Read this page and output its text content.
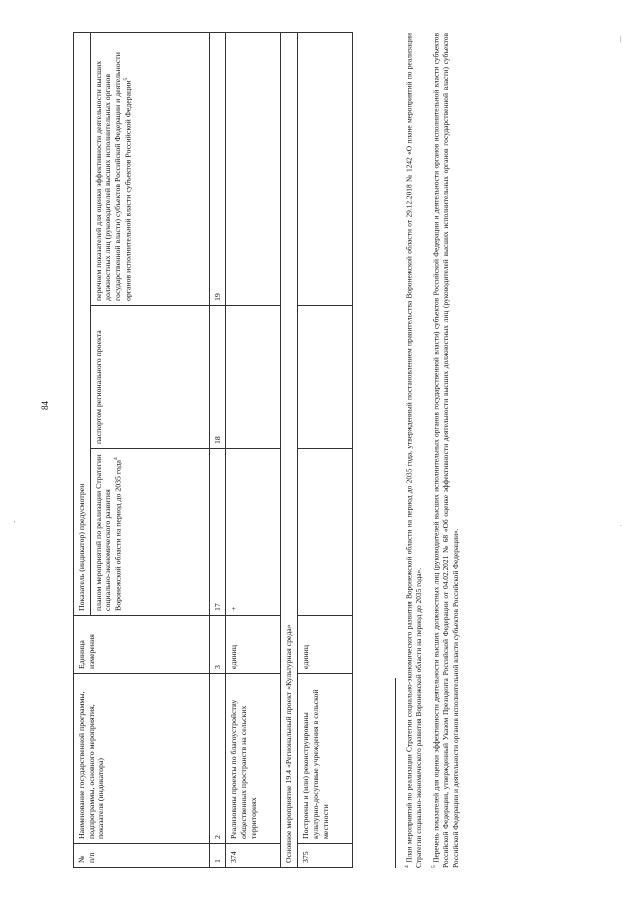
84
'
|
.
№ п/п	Наименование государственной программы, подпрограммы, основного мероприятия, показателя (индикатора)	Единица измерения	Показатель (индикатор) предусмотрен		
			планом мероприятий по реализации Стратегии социально-экономического развития Воронежской области на период до 2035 года$^4$	паспортом регионального проекта	перечнем показателей для оценки эффективности деятельности высших должностных лиц (руководителей высших исполнительных органов государственной власти) субъектов Российской Федерации и деятельности органов исполнительной власти субъектов Российской Федерации$^5$
1	2	3	17	18	19
374	Реализованы проекты по благоустройству общественных пространств на сельских территориях	единиц	+		
Основное мероприятие 19.4 «Региональный проект «Культурная среда»					
375	Построены и (или) реконструированы культурно-досуговые учреждения в сельской местности	единиц			

$^4$ План мероприятий по реализации Стратегии социально-экономического развития Воронежской области на период до 2035 года, утвержденный постановлением правительства Воронежской области от 29.12.2018 № 1242 «О плане мероприятий по реализации Стратегии социально-экономического развития Воронежской области на период до 2035 года». $^5$ Перечень показателей для оценки эффективности деятельности высших должностных лиц (руководителей высших исполнительных органов государственной власти) субъектов Российской Федерации и деятельности органов исполнительной власти субъектов Российской Федерации, утвержденный Указом Президента Российской Федерации от 04.02.2021 № 68 «Об оценке эффективности деятельности высших должностных лиц (руководителей высших исполнительных органов государственной власти) субъектов Российской Федерации и деятельности органов исполнительной власти субъектов Российской Федерации».
